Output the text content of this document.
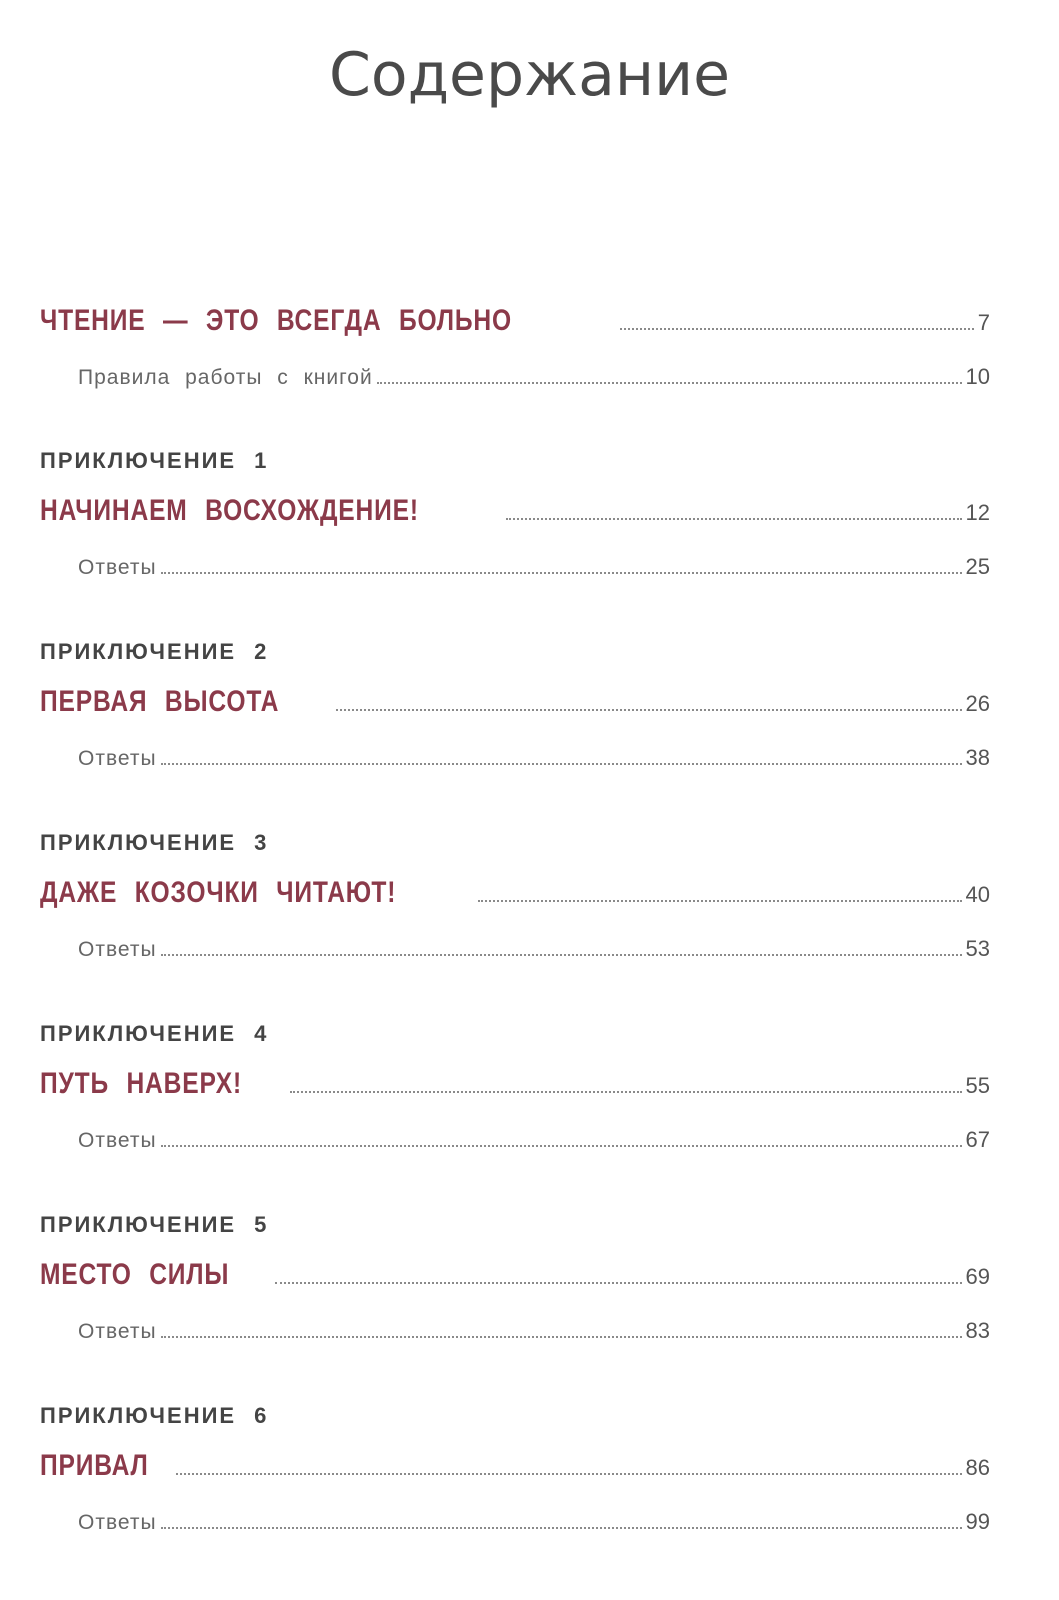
Содержание
ЧТЕНИЕ — ЭТО ВСЕГДА БОЛЬНО	7
Правила работы с книгой	10
ПРИКЛЮЧЕНИЕ 1
НАЧИНАЕМ ВОСХОЖДЕНИЕ!	12
Ответы	25
ПРИКЛЮЧЕНИЕ 2
ПЕРВАЯ ВЫСОТА	26
Ответы	38
ПРИКЛЮЧЕНИЕ 3
ДАЖЕ КОЗОЧКИ ЧИТАЮТ!	40
Ответы	53
ПРИКЛЮЧЕНИЕ 4
ПУТЬ НАВЕРХ!	55
Ответы	67
ПРИКЛЮЧЕНИЕ 5
МЕСТО СИЛЫ	69
Ответы	83
ПРИКЛЮЧЕНИЕ 6
ПРИВАЛ	86
Ответы	99
